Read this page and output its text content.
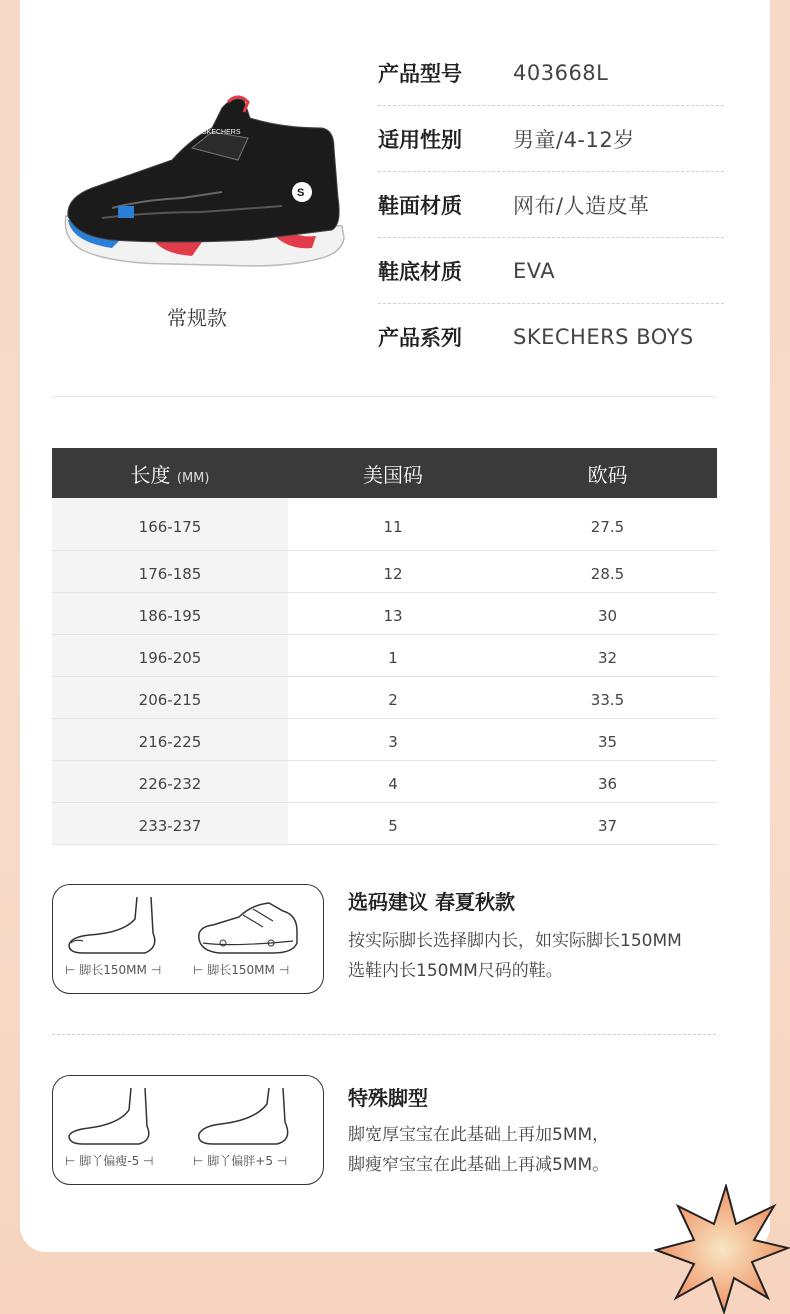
S
SKECHERS
常规款
产品型号	403668L
适用性别	男童/4-12岁
鞋面材质	网布/人造皮革
鞋底材质	EVA
产品系列	SKECHERS BOYS
长度 (MM)	美国码	欧码
166-175	11	27.5
176-185	12	28.5
186-195	13	30
196-205	1	32
206-215	2	33.5
216-225	3	35
226-232	4	36
233-237	5	37
⊢ 脚长150MM ⊣	⊢ 脚长150MM ⊣
选码建议 春夏秋款
按实际脚长选择脚内长，如实际脚长150MM
选鞋内长150MM尺码的鞋。
⊢ 脚丫偏瘦-5 ⊣	⊢ 脚丫偏胖+5 ⊣
特殊脚型
脚宽厚宝宝在此基础上再加5MM，
脚瘦窄宝宝在此基础上再减5MM。
